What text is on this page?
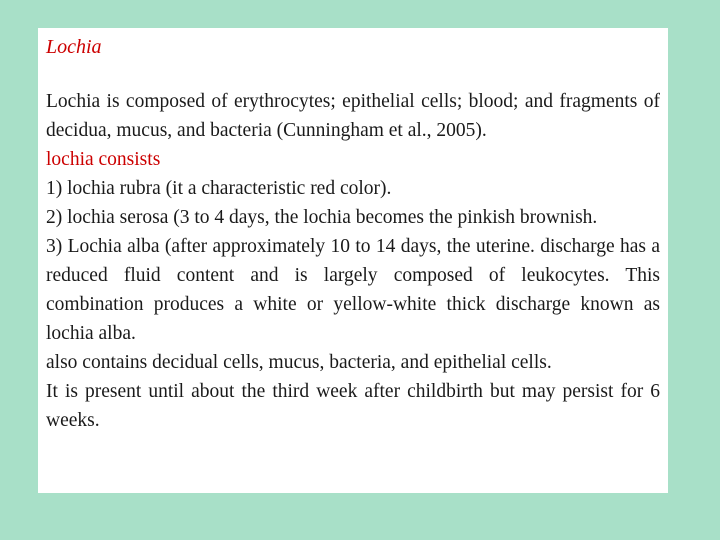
Lochia

Lochia is composed of erythrocytes; epithelial cells; blood; and fragments of decidua, mucus, and bacteria (Cunningham et al., 2005).

lochia consists

1) lochia rubra (it a characteristic red color).

2) lochia serosa (3 to 4 days, the lochia becomes the pinkish brownish.

3) Lochia alba (after approximately 10 to 14 days, the uterine. discharge has a reduced fluid content and is largely composed of leukocytes. This combination produces a white or yellow-white thick discharge known as lochia alba.

also contains decidual cells, mucus, bacteria, and epithelial cells.

It is present until about the third week after childbirth but may persist for 6 weeks.
